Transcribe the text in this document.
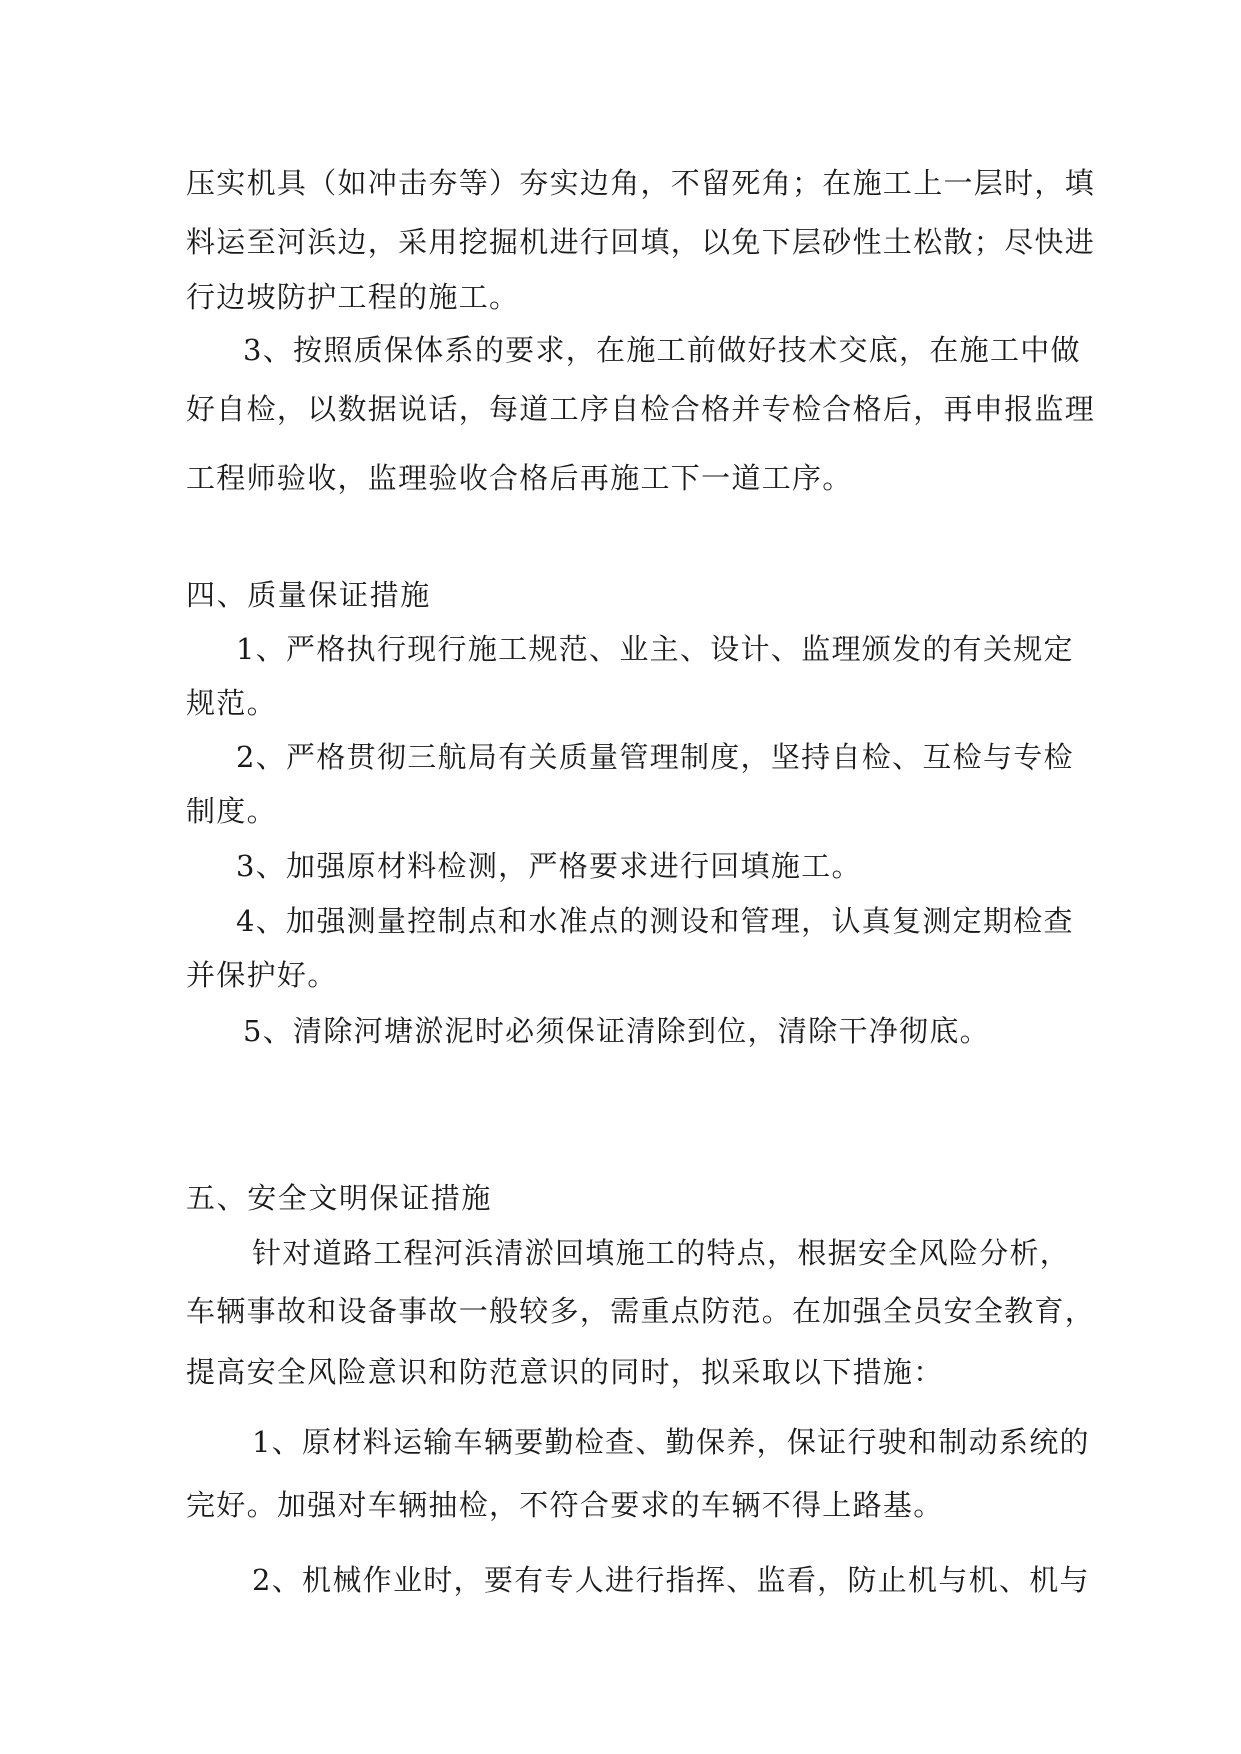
压实机具（如冲击夯等）夯实边角，不留死角；在施工上一层时，填
料运至河浜边，采用挖掘机进行回填，以免下层砂性土松散；尽快进
行边坡防护工程的施工。
3、按照质保体系的要求，在施工前做好技术交底，在施工中做
好自检，以数据说话，每道工序自检合格并专检合格后，再申报监理
工程师验收，监理验收合格后再施工下一道工序。
四、质量保证措施
1、严格执行现行施工规范、业主、设计、监理颁发的有关规定
规范。
2、严格贯彻三航局有关质量管理制度，坚持自检、互检与专检
制度。
3、加强原材料检测，严格要求进行回填施工。
4、加强测量控制点和水准点的测设和管理，认真复测定期检查
并保护好。
5、清除河塘淤泥时必须保证清除到位，清除干净彻底。
五、安全文明保证措施
针对道路工程河浜清淤回填施工的特点，根据安全风险分析，
车辆事故和设备事故一般较多，需重点防范。在加强全员安全教育，
提高安全风险意识和防范意识的同时，拟采取以下措施：
1、原材料运输车辆要勤检查、勤保养，保证行驶和制动系统的
完好。加强对车辆抽检，不符合要求的车辆不得上路基。
2、机械作业时，要有专人进行指挥、监看，防止机与机、机与
